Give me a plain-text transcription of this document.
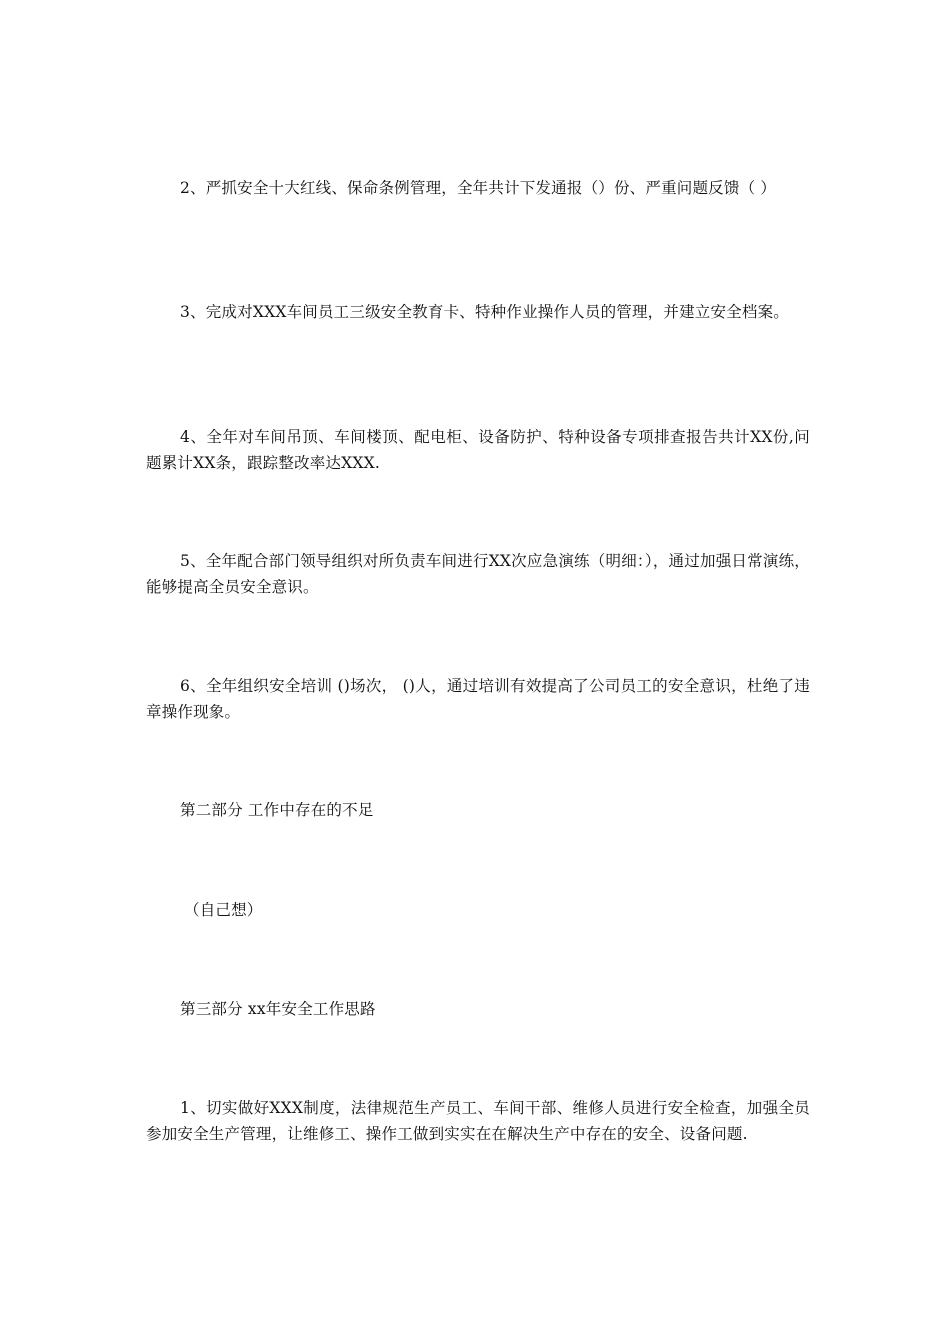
2、严抓安全十大红线、保命条例管理，全年共计下发通报（）份、严重问题反馈（ ）

3、完成对XXX车间员工三级安全教育卡、特种作业操作人员的管理，并建立安全档案。

4、全年对车间吊顶、车间楼顶、配电柜、设备防护、特种设备专项排查报告共计XX份,问题累计XX条，跟踪整改率达XXX.

5、全年配合部门领导组织对所负责车间进行XX次应急演练（明细：），通过加强日常演练，能够提高全员安全意识。

6、全年组织安全培训 ()场次， ()人，通过培训有效提高了公司员工的安全意识，杜绝了违章操作现象。

第二部分 工作中存在的不足

（自己想）

第三部分 xx年安全工作思路

1、切实做好XXX制度，法律规范生产员工、车间干部、维修人员进行安全检查，加强全员参加安全生产管理，让维修工、操作工做到实实在在解决生产中存在的安全、设备问题.
